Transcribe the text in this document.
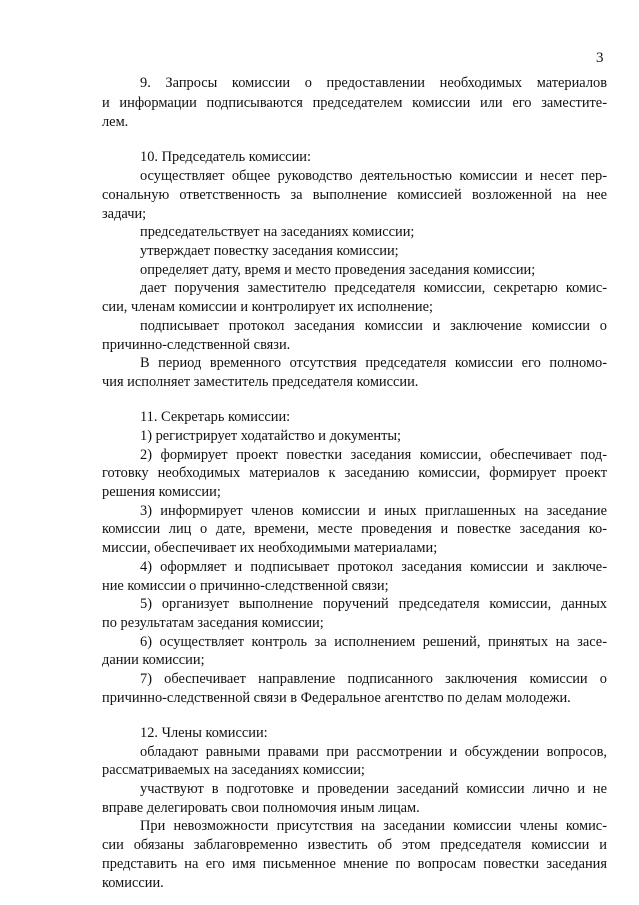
3
9. Запросы комиссии о предоставлении необходимых материалов
и информации подписываются председателем комиссии или его заместите-
лем.
10. Председатель комиссии:
осуществляет общее руководство деятельностью комиссии и несет пер-
сональную ответственность за выполнение комиссией возложенной на нее
задачи;
председательствует на заседаниях комиссии;
утверждает повестку заседания комиссии;
определяет дату, время и место проведения заседания комиссии;
дает поручения заместителю председателя комиссии, секретарю комис-
сии, членам комиссии и контролирует их исполнение;
подписывает протокол заседания комиссии и заключение комиссии о
причинно-следственной связи.
В период временного отсутствия председателя комиссии его полномо-
чия исполняет заместитель председателя комиссии.
11. Секретарь комиссии:
1) регистрирует ходатайство и документы;
2) формирует проект повестки заседания комиссии, обеспечивает под-
готовку необходимых материалов к заседанию комиссии, формирует проект
решения комиссии;
3) информирует членов комиссии и иных приглашенных на заседание
комиссии лиц о дате, времени, месте проведения и повестке заседания ко-
миссии, обеспечивает их необходимыми материалами;
4) оформляет и подписывает протокол заседания комиссии и заключе-
ние комиссии о причинно-следственной связи;
5) организует выполнение поручений председателя комиссии, данных
по результатам заседания комиссии;
6) осуществляет контроль за исполнением решений, принятых на засе-
дании комиссии;
7) обеспечивает направление подписанного заключения комиссии о
причинно-следственной связи в Федеральное агентство по делам молодежи.
12. Члены комиссии:
обладают равными правами при рассмотрении и обсуждении вопросов,
рассматриваемых на заседаниях комиссии;
участвуют в подготовке и проведении заседаний комиссии лично и не
вправе делегировать свои полномочия иным лицам.
При невозможности присутствия на заседании комиссии члены комис-
сии обязаны заблаговременно известить об этом председателя комиссии и
представить на его имя письменное мнение по вопросам повестки заседания
комиссии.
